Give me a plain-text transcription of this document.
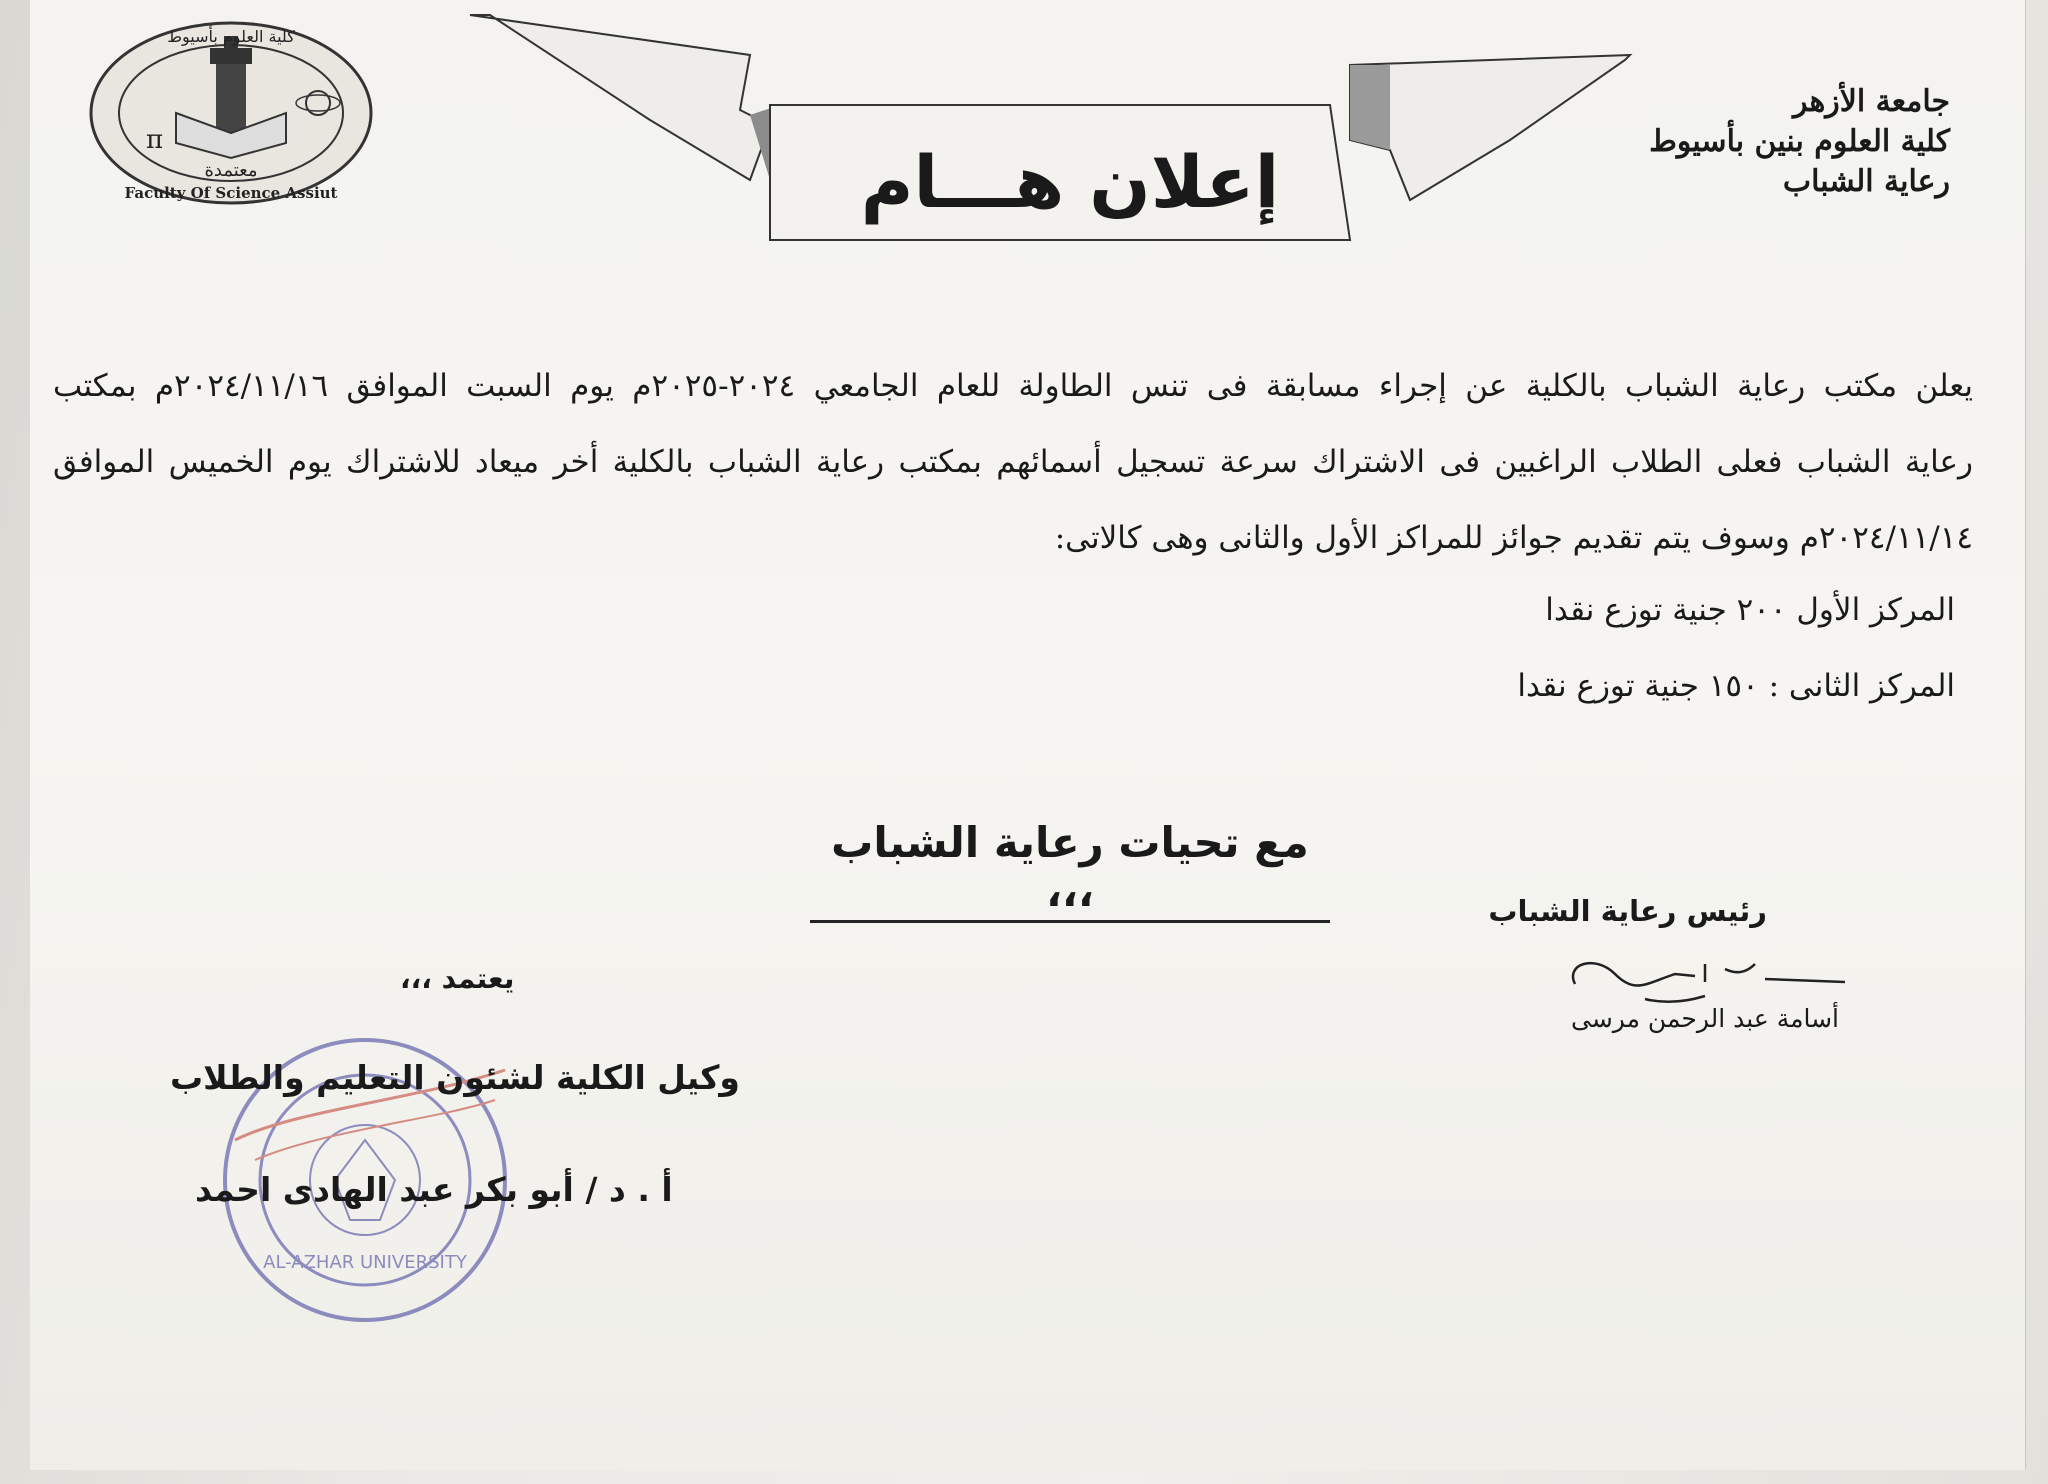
π
كلية العلوم بأسيوط
معتمدة
Faculty Of Science Assiut
جامعة الأزهر
كلية العلوم بنين بأسيوط
رعاية الشباب
إعلان هـــام

يعلن مكتب رعاية الشباب بالكلية عن إجراء مسابقة فى تنس الطاولة للعام الجامعي ٢٠٢٤-٢٠٢٥م يوم السبت الموافق ٢٠٢٤/١١/١٦م بمكتب

رعاية الشباب فعلى الطلاب الراغبين فى الاشتراك سرعة تسجيل أسمائهم بمكتب رعاية الشباب بالكلية أخر ميعاد للاشتراك يوم الخميس الموافق

٢٠٢٤/١١/١٤م وسوف يتم تقديم جوائز للمراكز الأول والثانى وهى كالاتى:

المركز الأول ٢٠٠ جنية توزع نقدا
المركز الثانى : ١٥٠ جنية توزع نقدا
مع تحيات رعاية الشباب ،،،	رئيس رعاية الشباب
أسامة عبد الرحمن مرسى
يعتمد ،،،
AL-AZHAR UNIVERSITY
وكيل الكلية لشئون التعليم والطلاب
أ . د / أبو بكر عبد الهادى احمد
